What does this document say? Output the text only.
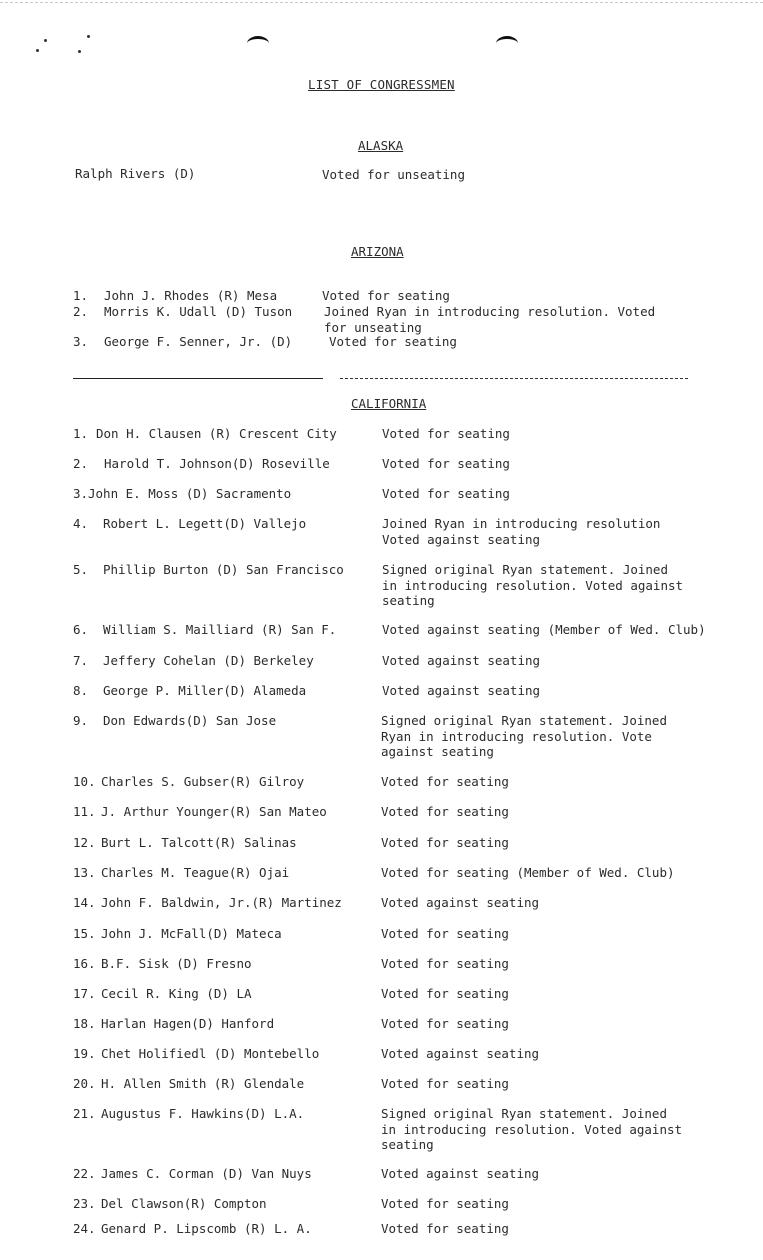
LIST OF CONGRESSMEN
ALASKA
Ralph Rivers (D)	Voted for unseating
ARIZONA
1. John J. Rhodes (R) Mesa	Voted for seating
2. Morris K. Udall (D) Tuson	Joined Ryan in introducing resolution. Voted
for unseating
3. George F. Senner, Jr. (D)	Voted for seating
CALIFORNIA
1. Don H. Clausen (R) Crescent City	Voted for seating
2. Harold T. Johnson(D) Roseville	Voted for seating
3. John E. Moss (D) Sacramento	Voted for seating
4. Robert L. Legett(D) Vallejo	Joined Ryan in introducing resolution
Voted against seating
5. Phillip Burton (D) San Francisco	Signed original Ryan statement. Joined
in introducing resolution. Voted against
seating
6. William S. Mailliard (R) San F.	Voted against seating (Member of Wed. Club)
7. Jeffery Cohelan (D) Berkeley	Voted against seating
8. George P. Miller(D) Alameda	Voted against seating
9. Don Edwards(D) San Jose	Signed original Ryan statement. Joined
Ryan in introducing resolution. Vote
against seating
10. Charles S. Gubser(R) Gilroy	Voted for seating
11. J. Arthur Younger(R) San Mateo	Voted for seating
12. Burt L. Talcott(R) Salinas	Voted for seating
13. Charles M. Teague(R) Ojai	Voted for seating (Member of Wed. Club)
14. John F. Baldwin, Jr.(R) Martinez	Voted against seating
15. John J. McFall(D) Mateca	Voted for seating
16. B.F. Sisk (D) Fresno	Voted for seating
17. Cecil R. King (D) LA	Voted for seating
18. Harlan Hagen(D) Hanford	Voted for seating
19. Chet Holifiedl (D) Montebello	Voted against seating
20. H. Allen Smith (R) Glendale	Voted for seating
21. Augustus F. Hawkins(D) L.A.	Signed original Ryan statement. Joined
in introducing resolution. Voted against
seating
22. James C. Corman (D) Van Nuys	Voted against seating
23. Del Clawson(R) Compton	Voted for seating
24. Genard P. Lipscomb (R) L. A.	Voted for seating
